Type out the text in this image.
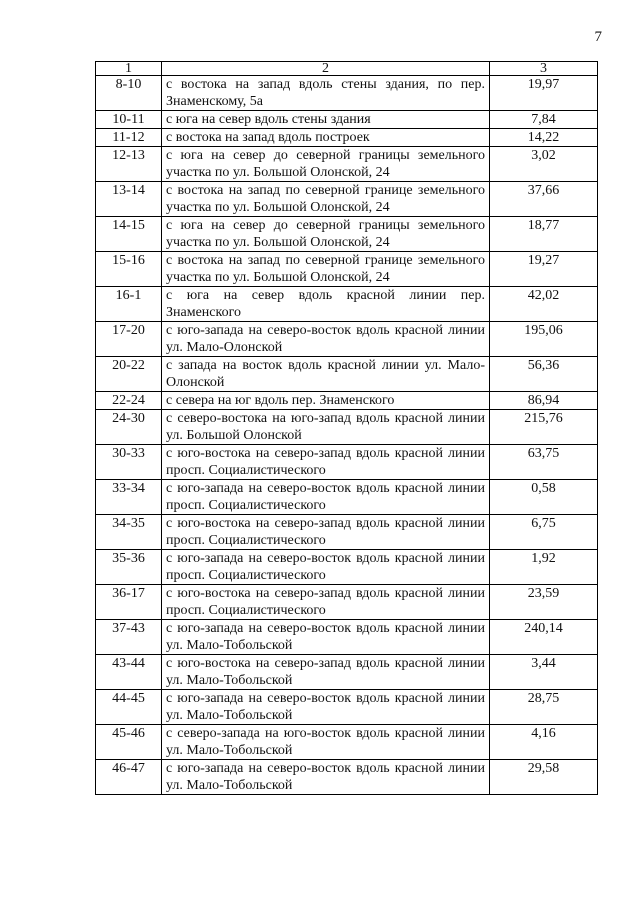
7
1	2	3
8-10	с востока на запад вдоль стены здания, по пер. Знаменскому, 5а	19,97
10-11	с юга на север вдоль стены здания	7,84
11-12	с востока на запад вдоль построек	14,22
12-13	с юга на север до северной границы земельного участка по ул. Большой Олонской, 24	3,02
13-14	с востока на запад по северной границе земельного участка по ул. Большой Олонской, 24	37,66
14-15	с юга на север до северной границы земельного участка по ул. Большой Олонской, 24	18,77
15-16	с востока на запад по северной границе земельного участка по ул. Большой Олонской, 24	19,27
16-1	с юга на север вдоль красной линии пер. Знаменского	42,02
17-20	с юго-запада на северо-восток вдоль красной линии ул. Мало-Олонской	195,06
20-22	с запада на восток вдоль красной линии ул. Мало-Олонской	56,36
22-24	с севера на юг вдоль пер. Знаменского	86,94
24-30	с северо-востока на юго-запад вдоль красной линии ул. Большой Олонской	215,76
30-33	с юго-востока на северо-запад вдоль красной линии просп. Социалистического	63,75
33-34	с юго-запада на северо-восток вдоль красной линии просп. Социалистического	0,58
34-35	с юго-востока на северо-запад вдоль красной линии просп. Социалистического	6,75
35-36	с юго-запада на северо-восток вдоль красной линии просп. Социалистического	1,92
36-17	с юго-востока на северо-запад вдоль красной линии просп. Социалистического	23,59
37-43	с юго-запада на северо-восток вдоль красной линии ул. Мало-Тобольской	240,14
43-44	с юго-востока на северо-запад вдоль красной линии ул. Мало-Тобольской	3,44
44-45	с юго-запада на северо-восток вдоль красной линии ул. Мало-Тобольской	28,75
45-46	с северо-запада на юго-восток вдоль красной линии ул. Мало-Тобольской	4,16
46-47	с юго-запада на северо-восток вдоль красной линии ул. Мало-Тобольской	29,58
